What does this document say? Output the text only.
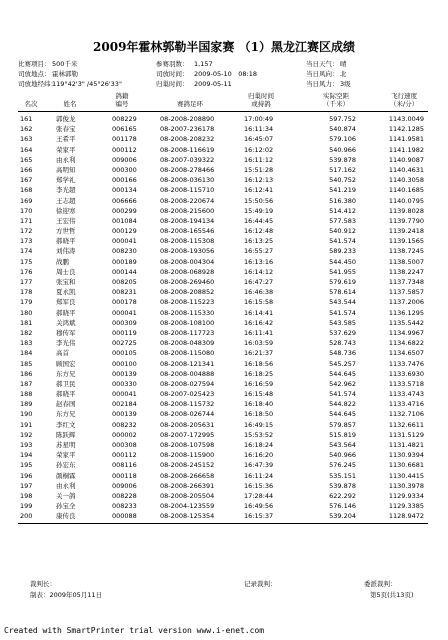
2009年霍林郭勒半国家赛 （1）黑龙江赛区成绩
比赛项目： 500千米	参赛羽数： 1,157	当日天气： 晴
司放地点： 霍林郭勒	司放时间： 2009-05-10　08:18	当日风向： 北
司放地经纬：119°42'3" /45°26'33"	归巢时间： 2009-05-11	当日风力： 3级
名次	姓名
鸽籍
编号	赛鸽足环
归巢时间
或持鸽
实际空距
（千米）
飞行速度
（米/分）
161	郭俊龙	008229	08-2008-208890	17:00:49	597.752	1143.0049
162	张春宝	006165	08-2007-236178	16:11:34	540.874	1142.1285
163	王希平	001178	08-2008-208232	16:45:07	579.106	1141.9581
164	荣家平	000112	08-2008-116619	16:12:02	540.966	1141.1982
165	由永利	009006	08-2007-039322	16:11:12	539.878	1140.9087
166	高明知	000300	08-2008-278466	15:51:28	517.162	1140.4631
167	郑学礼	000166	08-2008-036130	16:12:13	540.752	1140.3058
168	李光超	000134	08-2008-115710	16:12:41	541.219	1140.1685
169	王志超	006666	08-2008-220674	15:50:56	516.380	1140.0795
170	徐迎寒	000299	08-2008-215600	15:49:19	514.412	1139.8028
171	王宏伟	001084	08-2008-194134	16:44:45	577.583	1139.7790
172	方世哲	000129	08-2008-165546	16:12:48	540.912	1139.2418
173	郝晓平	000041	08-2008-115308	16:13:25	541.574	1139.1565
174	刘伟涛	008230	08-2008-193056	16:55:27	589.233	1138.7245
175	战鹏	000189	08-2008-004304	16:13:16	544.450	1138.5007
176	周士良	000144	08-2008-068928	16:14:12	541.955	1138.2247
177	张宝和	008205	08-2008-269460	16:47:27	579.619	1137.7348
178	夏永凯	008231	08-2008-208852	16:46:38	578.614	1137.5857
179	郑军良	000178	08-2008-115223	16:15:58	543.544	1137.2006
180	郝晓平	000041	08-2008-115330	16:14:41	541.574	1136.1295
181	关鸿斌	000309	08-2008-108100	16:16:42	543.585	1135.5442
182	穆传军	000119	08-2008-117723	16:11:41	537.629	1134.9967
183	李光伟	002725	08-2008-048309	16:03:59	528.743	1134.6822
184	高首	000105	08-2008-115080	16:21:37	548.736	1134.6507
185	顾国宏	000100	08-2008-121341	16:18:56	545.257	1133.7476
186	东方兄	000139	08-2008-004888	16:18:25	544.645	1133.6930
187	郝卫民	000330	08-2008-027594	16:16:59	542.962	1133.5718
188	郝晓平	000041	08-2007-025423	16:15:48	541.574	1133.4743
189	赵春国	002184	08-2008-115732	16:18:40	544.822	1133.4716
190	东方兄	000139	08-2008-026744	16:18:50	544.645	1132.7106
191	李红文	008232	08-2008-205631	16:49:15	579.857	1132.6611
192	陈跃辉	000002	08-2007-172995	15:53:52	515.819	1131.5129
193	苏星明	000308	08-2008-107598	16:18:24	543.564	1131.4821
194	荣家平	000112	08-2008-115900	16:16:20	540.966	1130.9394
195	孙宏东	008116	08-2008-245152	16:47:39	576.245	1130.6681
196	颜桐霖	000118	08-2008-266658	16:11:24	535.151	1130.4415
197	由永利	009006	08-2008-266391	16:15:36	539.878	1130.3978
198	关一鸽	008228	08-2008-205504	17:28:44	622.292	1129.9334
199	孙宝全	008233	08-2004-123559	16:49:56	576.146	1129.3385
200	康传良	000088	08-2008-125354	16:15:37	539.204	1128.9472
裁判长：	记录裁判：	委派裁判：
制表：2009年05月11日	第5页(共13页)
Created with SmartPrinter trial version www.i-enet.com
